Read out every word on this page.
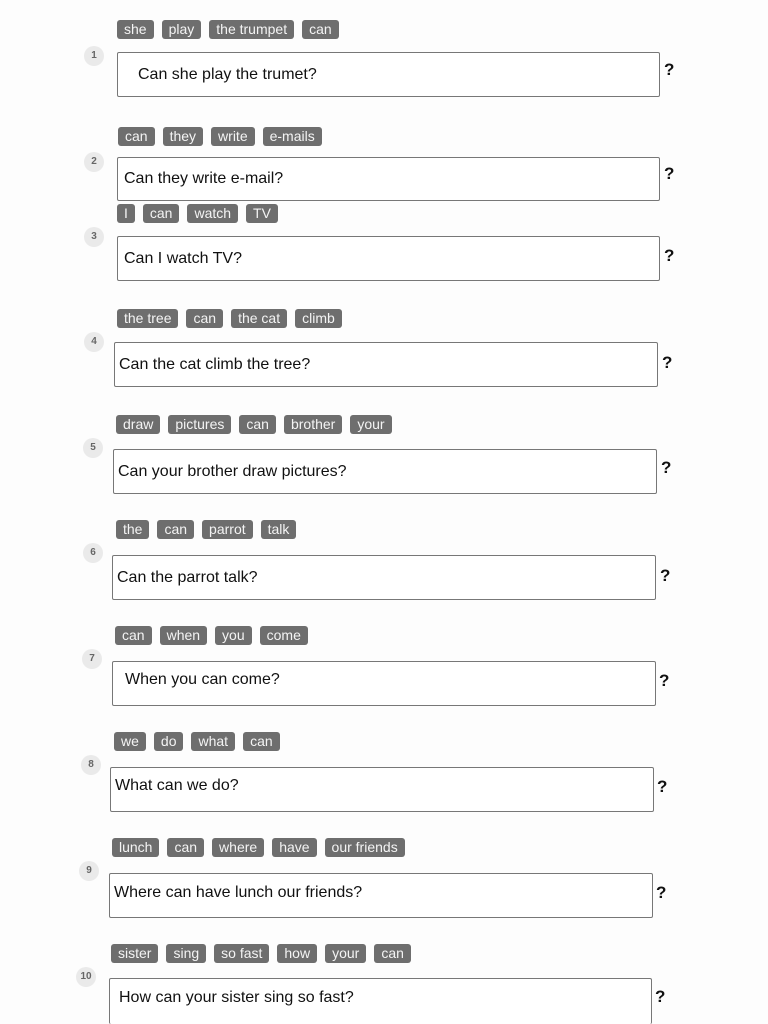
she	play	the trumpet	can
1
Can she play the trumet?	?
can	they	write	e-mails
2
Can they write e-mail?	?
I	can	watch	TV
3
Can I watch TV?	?
the tree	can	the cat	climb
4
Can the cat climb the tree?	?
draw	pictures	can	brother	your
5
Can your brother draw pictures?	?
the	can	parrot	talk
6
Can the parrot talk?	?
can	when	you	come
7
When you can come?	?
we	do	what	can
8
What can we do?	?
lunch	can	where	have	our friends
9
Where can have lunch our friends?	?
sister	sing	so fast	how	your	can
10
How can your sister sing so fast?	?
